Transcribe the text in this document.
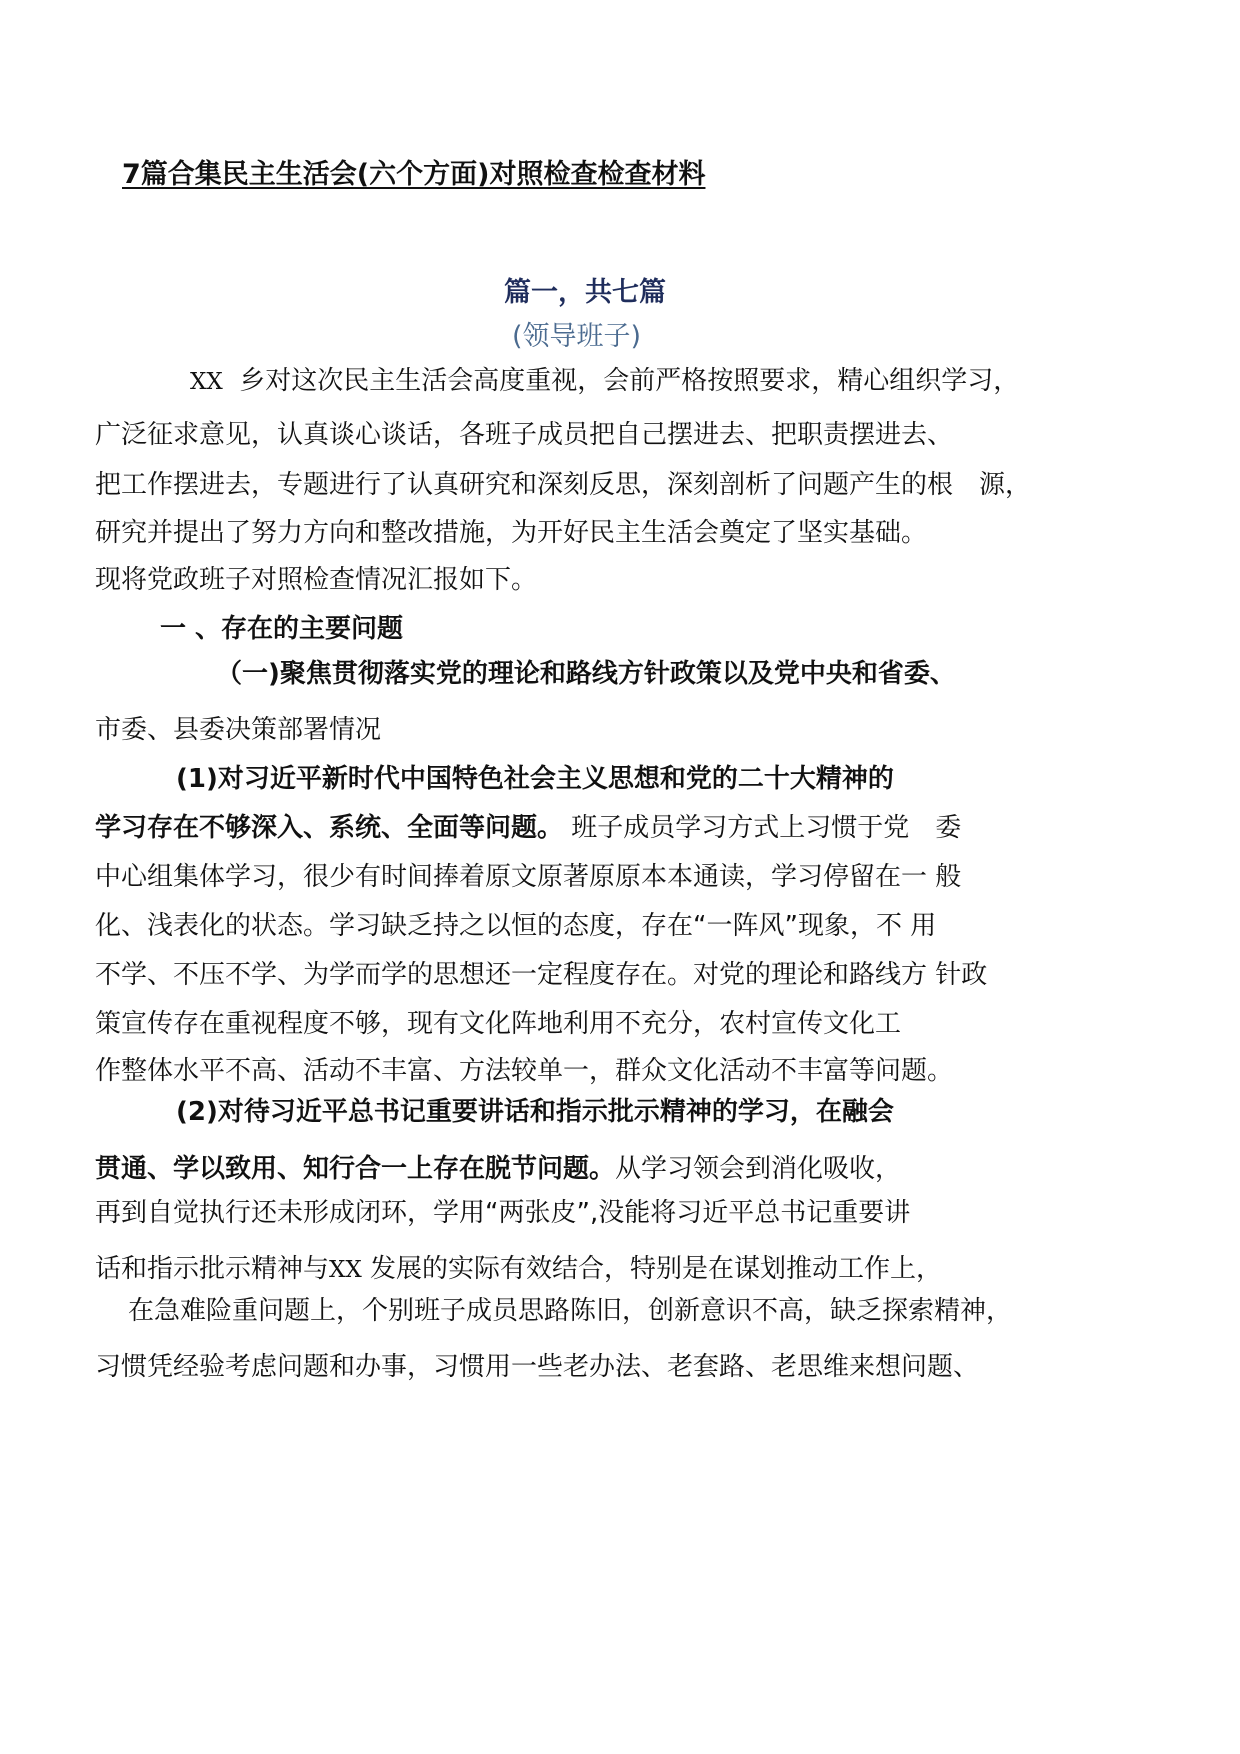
7篇合集民主生活会(六个方面)对照检查检查材料
篇一，共七篇
(领导班子)
XX 乡对这次民主生活会高度重视，会前严格按照要求，精心组织学习，
广泛征求意见，认真谈心谈话，各班子成员把自己摆进去、把职责摆进去、
把工作摆进去，专题进行了认真研究和深刻反思，深刻剖析了问题产生的根　源，
研究并提出了努力方向和整改措施，为开好民主生活会奠定了坚实基础。
现将党政班子对照检查情况汇报如下。
一 、存在的主要问题
（一)聚焦贯彻落实党的理论和路线方针政策以及党中央和省委、
市委、县委决策部署情况
(1)对习近平新时代中国特色社会主义思想和党的二十大精神的
学习存在不够深入、系统、全面等问题。 班子成员学习方式上习惯于党　委
中心组集体学习，很少有时间捧着原文原著原原本本通读，学习停留在一 般
化、浅表化的状态。学习缺乏持之以恒的态度，存在“一阵风”现象，不 用
不学、不压不学、为学而学的思想还一定程度存在。对党的理论和路线方 针政
策宣传存在重视程度不够，现有文化阵地利用不充分，农村宣传文化工
作整体水平不高、活动不丰富、方法较单一，群众文化活动不丰富等问题。
(2)对待习近平总书记重要讲话和指示批示精神的学习，在融会
贯通、学以致用、知行合一上存在脱节问题。从学习领会到消化吸收，
再到自觉执行还未形成闭环，学用“两张皮”,没能将习近平总书记重要讲
话和指示批示精神与XX 发展的实际有效结合，特别是在谋划推动工作上，
在急难险重问题上，个别班子成员思路陈旧，创新意识不高，缺乏探索精神，
习惯凭经验考虑问题和办事，习惯用一些老办法、老套路、老思维来想问题、
